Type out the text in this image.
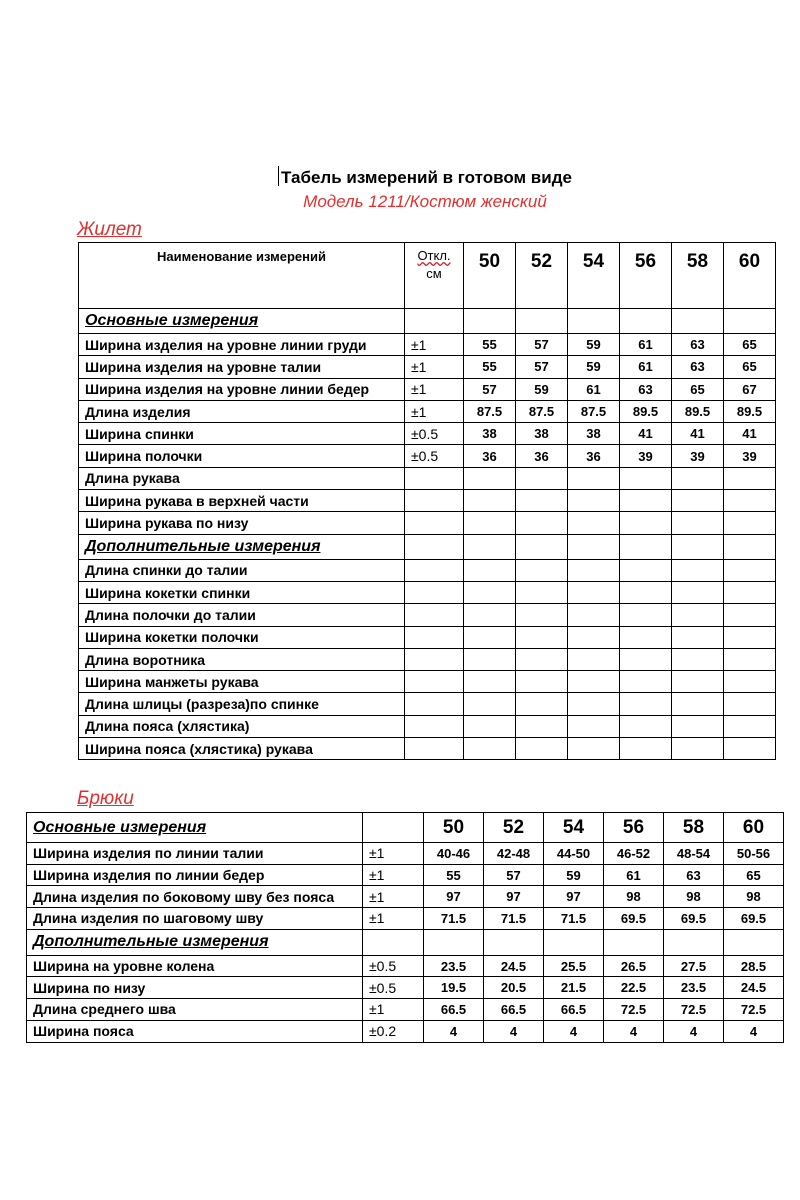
Табель измерений в готовом виде
Модель 1211/Костюм женский
Жилет
Наименование измерений	Откл.
см	50	52	54	56	58	60
Основные измерения							
Ширина изделия на уровне линии груди	±1	55	57	59	61	63	65
Ширина изделия на уровне талии	±1	55	57	59	61	63	65
Ширина изделия на уровне линии бедер	±1	57	59	61	63	65	67
Длина изделия	±1	87.5	87.5	87.5	89.5	89.5	89.5
Ширина спинки	±0.5	38	38	38	41	41	41
Ширина полочки	±0.5	36	36	36	39	39	39
Длина рукава							
Ширина рукава в верхней части							
Ширина рукава по низу							
Дополнительные измерения							
Длина спинки до талии							
Ширина кокетки спинки							
Длина полочки до талии							
Ширина кокетки полочки							
Длина воротника							
Ширина манжеты рукава							
Длина шлицы (разреза)по спинке							
Длина пояса (хлястика)							
Ширина пояса (хлястика) рукава							
Брюки
Основные измерения		50	52	54	56	58	60
Ширина изделия по линии талии	±1	40-46	42-48	44-50	46-52	48-54	50-56
Ширина изделия по линии бедер	±1	55	57	59	61	63	65
Длина изделия по боковому шву без пояса	±1	97	97	97	98	98	98
Длина изделия по шаговому шву	±1	71.5	71.5	71.5	69.5	69.5	69.5
Дополнительные измерения							
Ширина на уровне колена	±0.5	23.5	24.5	25.5	26.5	27.5	28.5
Ширина по низу	±0.5	19.5	20.5	21.5	22.5	23.5	24.5
Длина среднего шва	±1	66.5	66.5	66.5	72.5	72.5	72.5
Ширина пояса	±0.2	4	4	4	4	4	4
